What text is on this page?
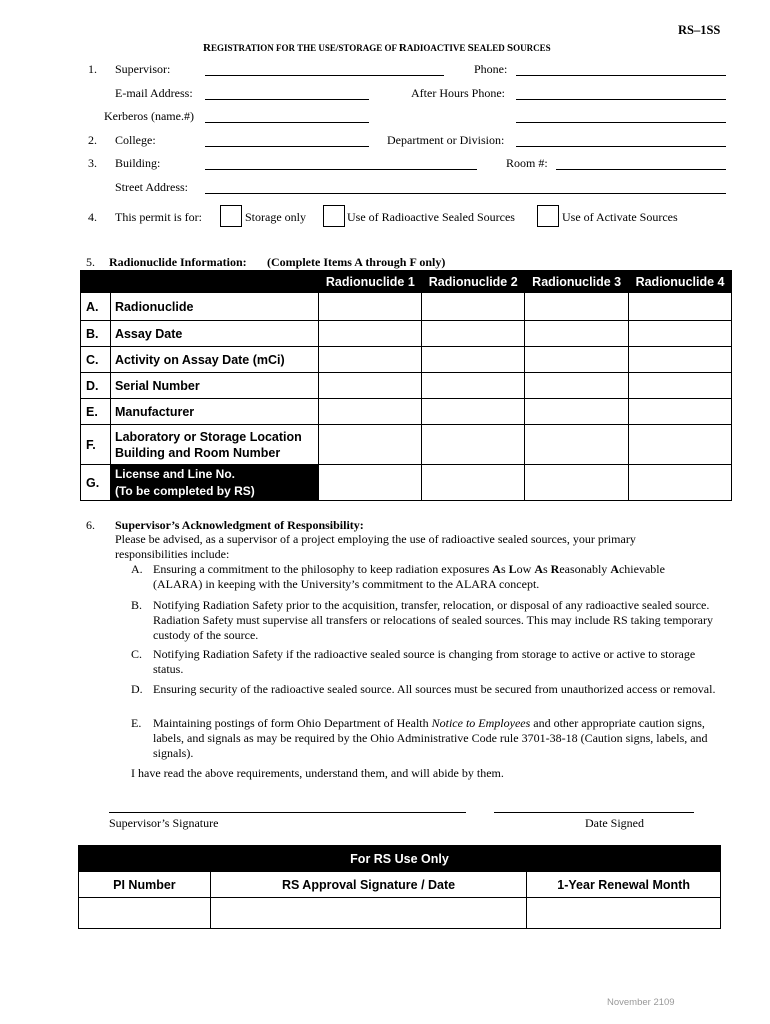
RS–1SS
REGISTRATION FOR THE USE/STORAGE OF RADIOACTIVE SEALED SOURCES
1. Supervisor:	Phone:
E-mail Address:	After Hours Phone:
Kerberos (name.#)
2. College:	Department or Division:
3. Building:	Room #:
Street Address:
4. This permit is for:	Storage only	Use of Radioactive Sealed Sources	Use of Activate Sources
5. Radionuclide Information: (Complete Items A through F only)
		Radionuclide 1	Radionuclide 2	Radionuclide 3	Radionuclide 4
A.	Radionuclide				
B.	Assay Date				
C.	Activity on Assay Date (mCi)				
D.	Serial Number				
E.	Manufacturer				
F.	Laboratory or Storage Location
Building and Room Number				

G.	License and Line No.
(To be completed by RS)				

6. Supervisor’s Acknowledgment of Responsibility:
Please be advised, as a supervisor of a project employing the use of radioactive sealed sources, your primary responsibilities include:
A. Ensuring a commitment to the philosophy to keep radiation exposures As Low As Reasonably Achievable
(ALARA) in keeping with the University’s commitment to the ALARA concept.
B. Notifying Radiation Safety prior to the acquisition, transfer, relocation, or disposal of any radioactive sealed source. Radiation Safety must supervise all transfers or relocations of sealed sources. This may include RS taking temporary custody of the source.
C. Notifying Radiation Safety if the radioactive sealed source is changing from storage to active or active to storage status.
D. Ensuring security of the radioactive sealed source. All sources must be secured from unauthorized access or removal.
E. Maintaining postings of form Ohio Department of Health Notice to Employees and other appropriate caution signs, labels, and signals as may be required by the Ohio Administrative Code rule 3701-38-18 (Caution signs, labels, and signals).
I have read the above requirements, understand them, and will abide by them.
Supervisor’s Signature	Date Signed
For RS Use Only		
PI Number	RS Approval Signature / Date	1-Year Renewal Month

November 2109
